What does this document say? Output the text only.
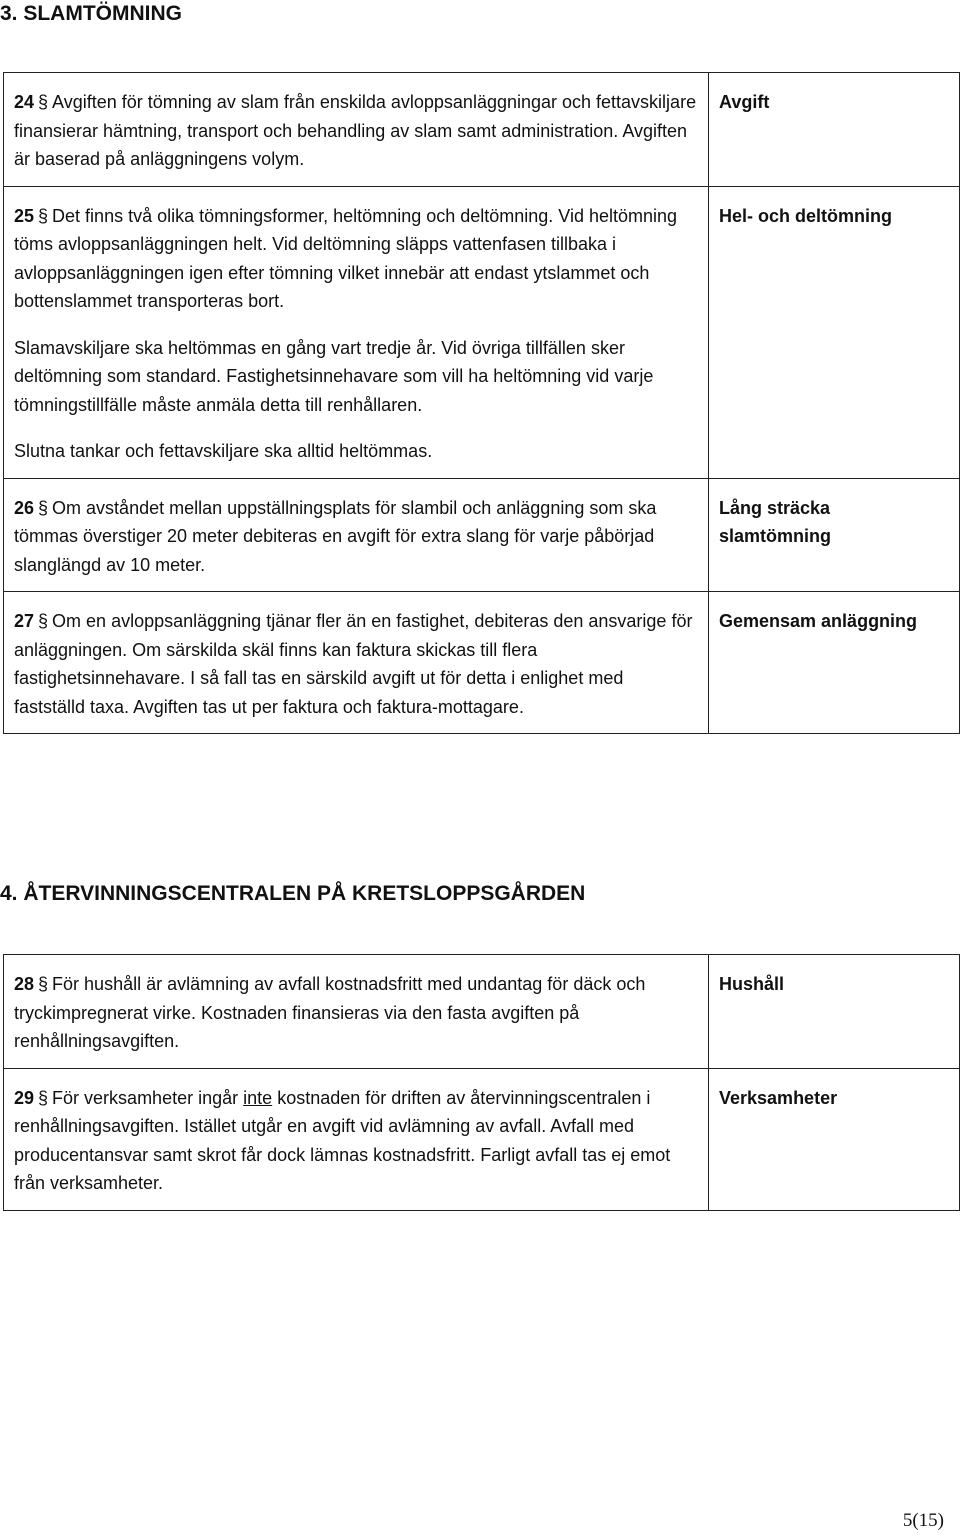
3. SLAMTÖMNING

24 § Avgiften för tömning av slam från enskilda avloppsanläggningar och fettavskiljare finansierar hämtning, transport och behandling av slam samt administration. Avgiften är baserad på anläggningens volym.	Avgift

25 § Det finns två olika tömningsformer, heltömning och deltömning. Vid heltömning töms avloppsanläggningen helt. Vid deltömning släpps vattenfasen tillbaka i avloppsanläggningen igen efter tömning vilket innebär att endast ytslammet och bottenslammet transporteras bort.

Slamavskiljare ska heltömmas en gång vart tredje år. Vid övriga tillfällen sker deltömning som standard. Fastighetsinnehavare som vill ha heltömning vid varje tömningstillfälle måste anmäla detta till renhållaren.

Slutna tankar och fettavskiljare ska alltid heltömmas.	Hel- och deltömning

26 § Om avståndet mellan uppställningsplats för slambil och anläggning som ska tömmas överstiger 20 meter debiteras en avgift för extra slang för varje påbörjad slanglängd av 10 meter.	Lång sträcka
slamtömning

27 § Om en avloppsanläggning tjänar fler än en fastighet, debiteras den ansvarige för anläggningen. Om särskilda skäl finns kan faktura skickas till flera fastighetsinnehavare. I så fall tas en särskild avgift ut för detta i enlighet med fastställd taxa. Avgiften tas ut per faktura och faktura-mottagare.	Gemensam anläggning
4. ÅTERVINNINGSCENTRALEN PÅ KRETSLOPPSGÅRDEN

28 § För hushåll är avlämning av avfall kostnadsfritt med undantag för däck och tryckimpregnerat virke. Kostnaden finansieras via den fasta avgiften på renhållningsavgiften.	Hushåll

29 § För verksamheter ingår inte kostnaden för driften av återvinningscentralen i renhållningsavgiften. Istället utgår en avgift vid avlämning av avfall. Avfall med producentansvar samt skrot får dock lämnas kostnadsfritt. Farligt avfall tas ej emot från verksamheter.	Verksamheter
5(15)
